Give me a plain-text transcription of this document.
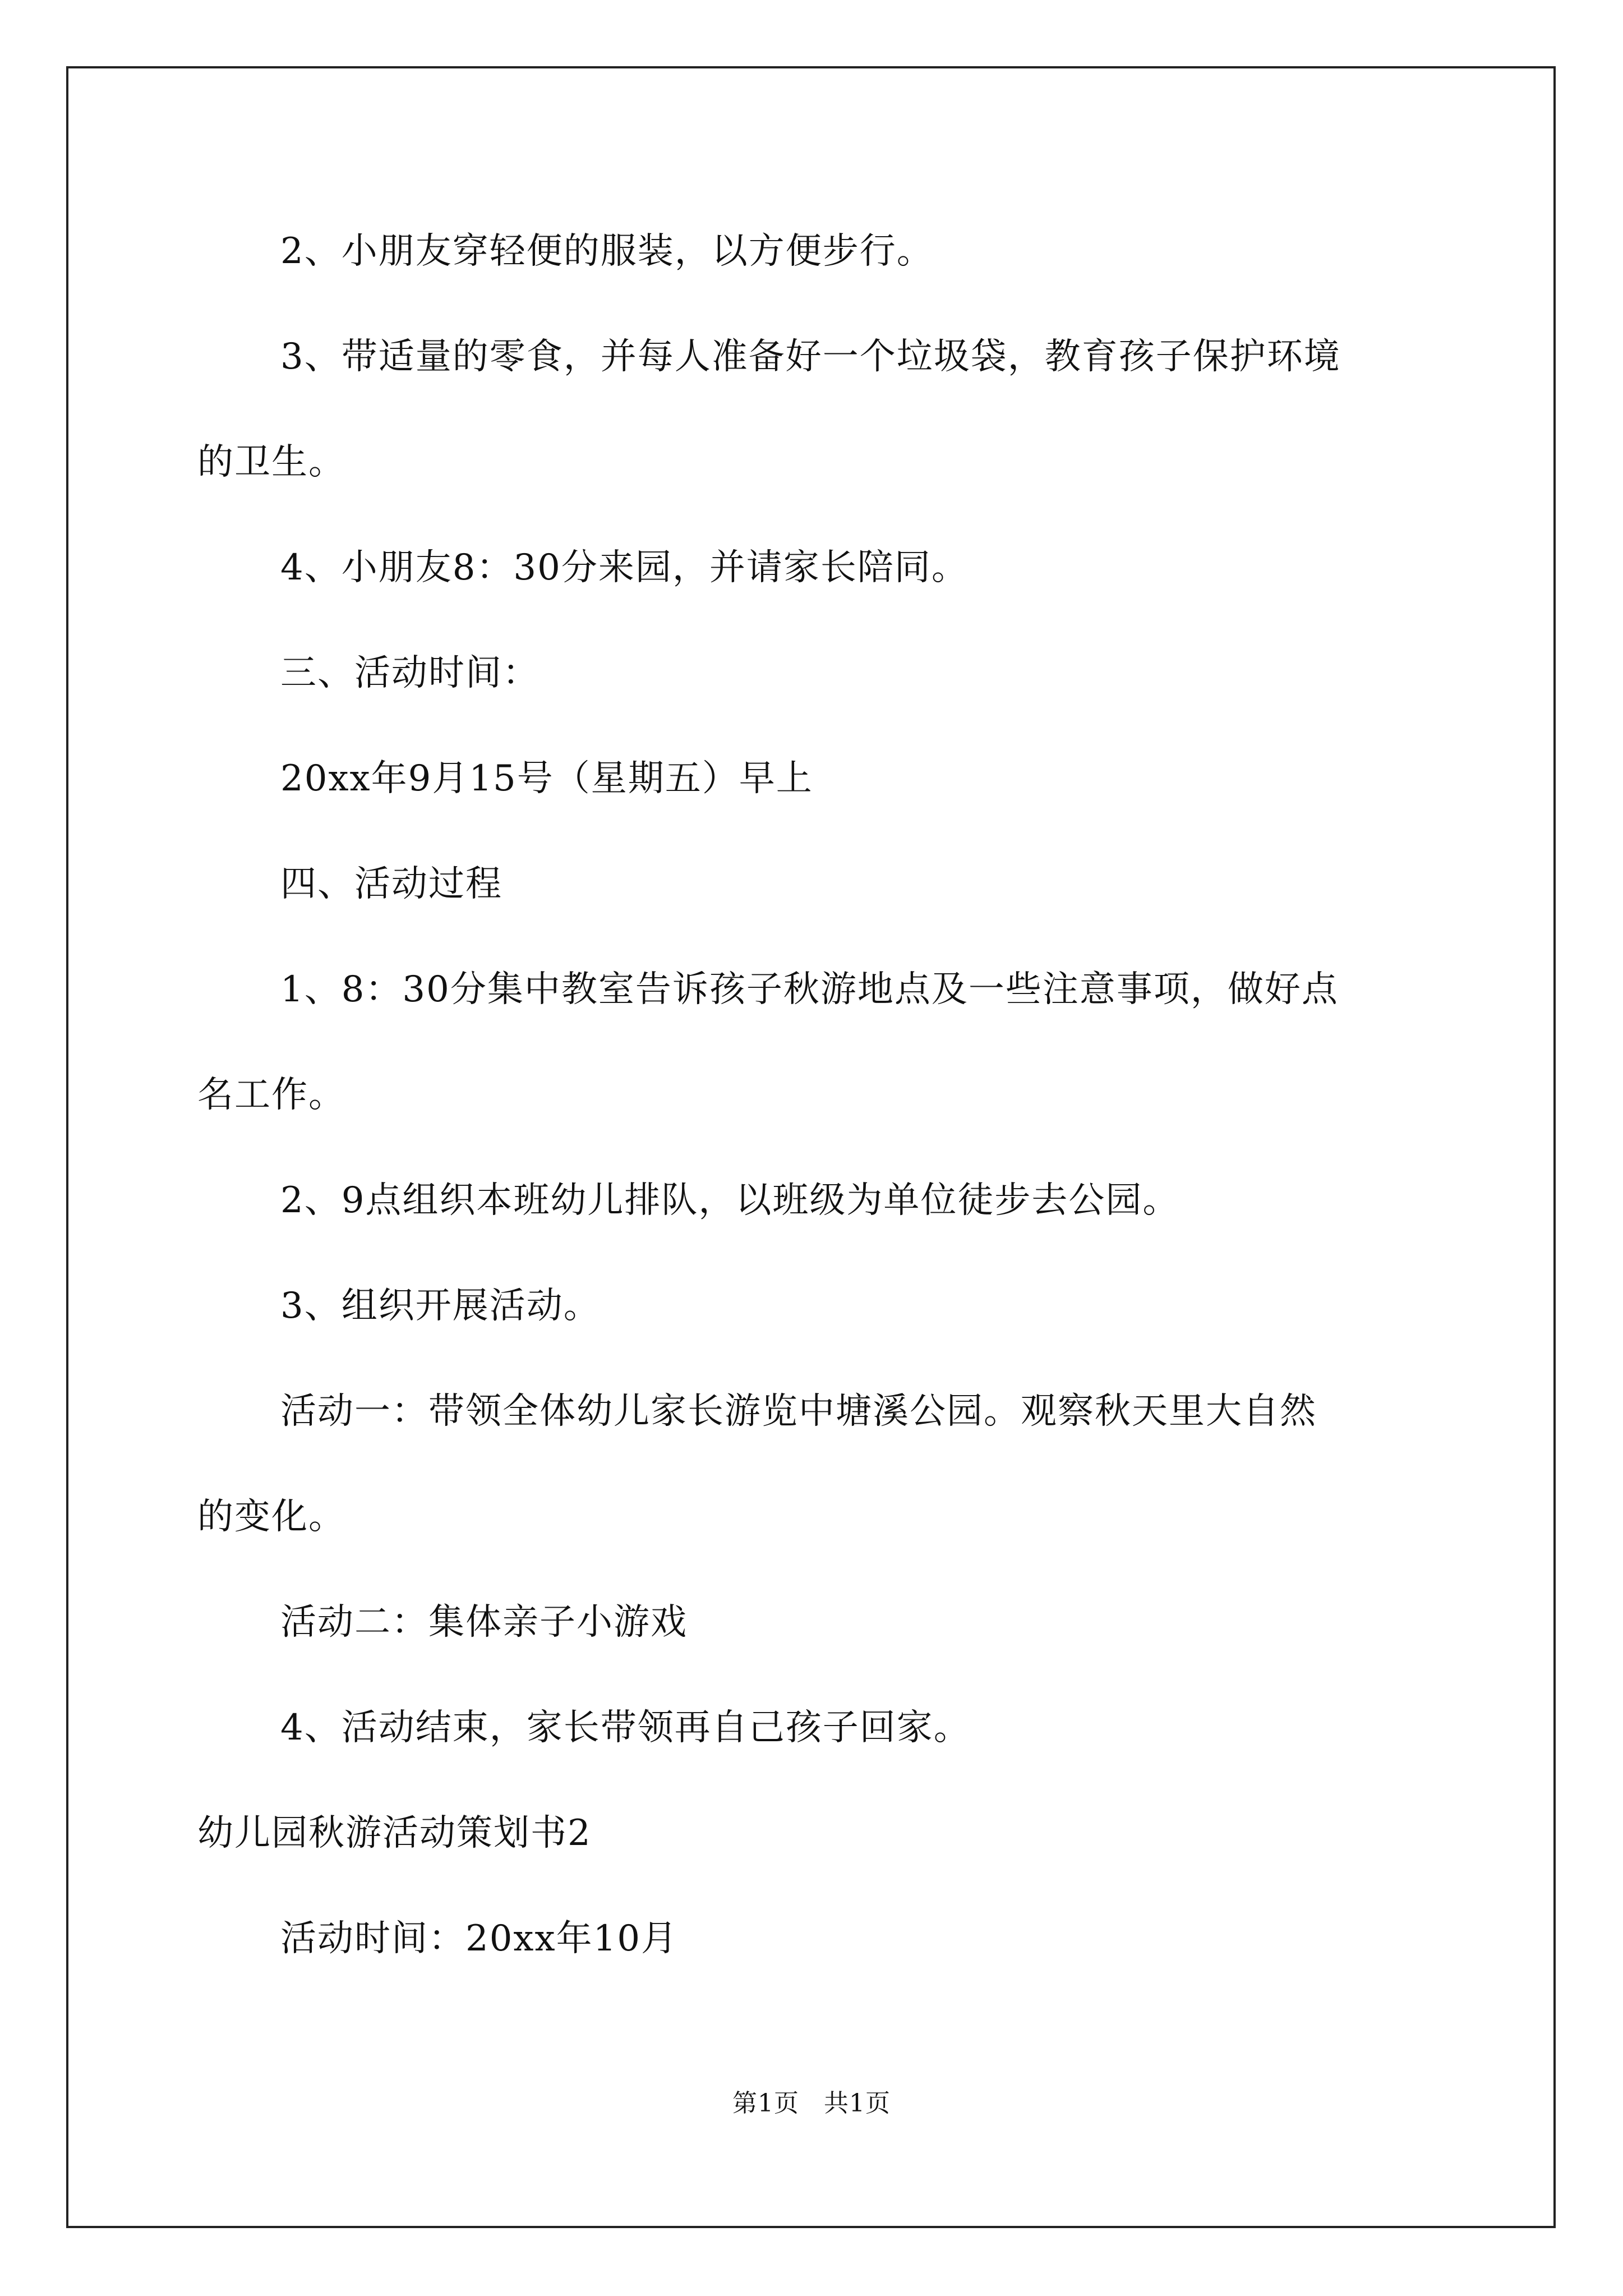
2、小朋友穿轻便的服装，以方便步行。
3、带适量的零食，并每人准备好一个垃圾袋，教育孩子保护环境
的卫生。
4、小朋友8：30分来园，并请家长陪同。
三、活动时间：
20xx年9月15号（星期五）早上
四、活动过程
1、8：30分集中教室告诉孩子秋游地点及一些注意事项，做好点
名工作。
2、9点组织本班幼儿排队，以班级为单位徒步去公园。
3、组织开展活动。
活动一：带领全体幼儿家长游览中塘溪公园。观察秋天里大自然
的变化。
活动二：集体亲子小游戏
4、活动结束，家长带领再自己孩子回家。
幼儿园秋游活动策划书2
活动时间：20xx年10月
第1页 共1页
